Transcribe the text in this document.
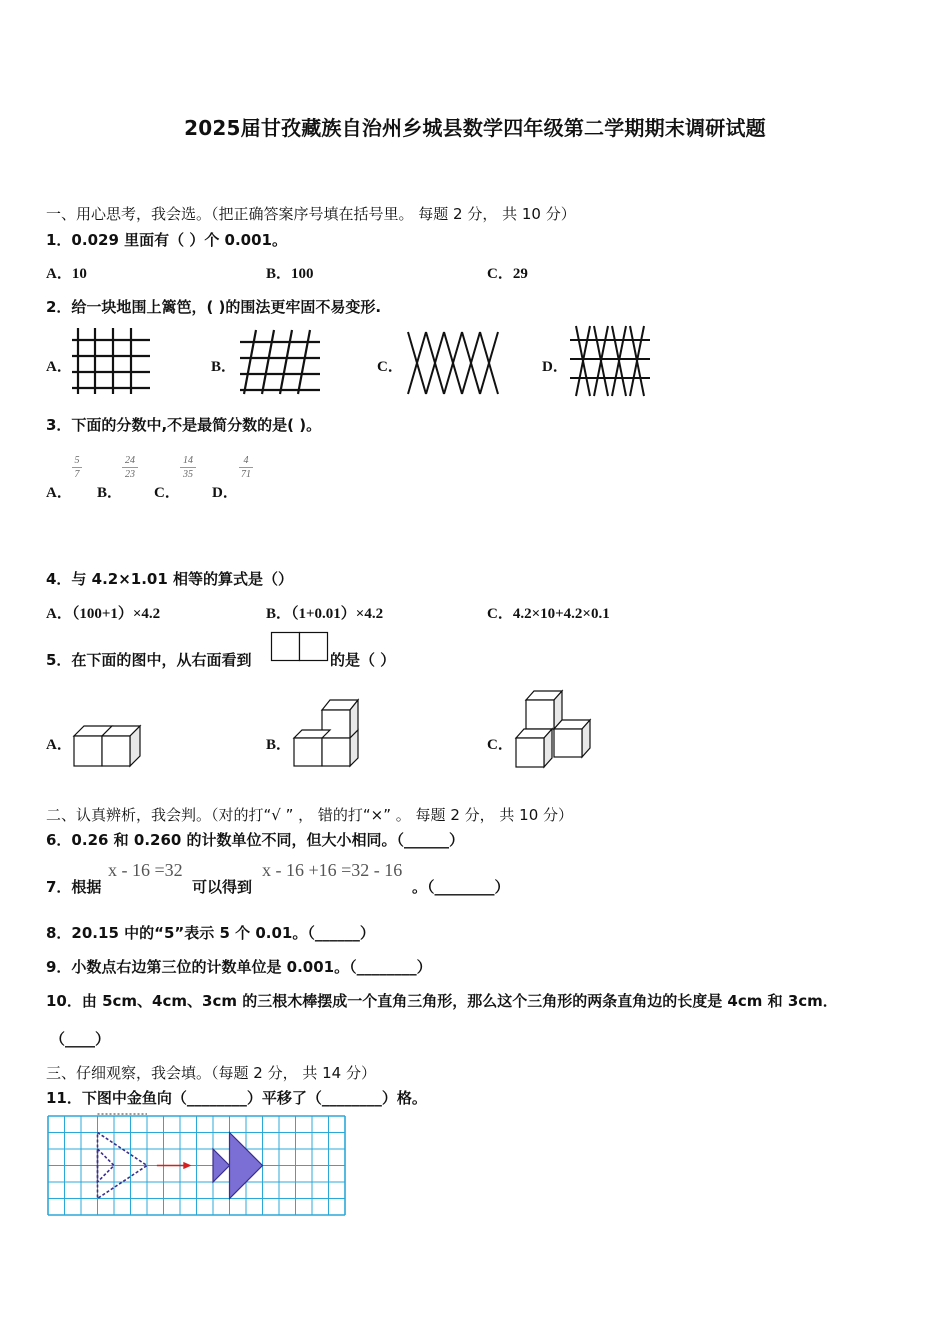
2025届甘孜藏族自治州乡城县数学四年级第二学期期末调研试题
一、用心思考，我会选。（把正确答案序号填在括号里。 每题 2 分， 共 10 分）
1．0.029 里面有（ ）个 0.001。
A．10	B．100	C．29
2．给一块地围上篱笆，( )的围法更牢固不易变形.
A．	B．	C．	D．
3．下面的分数中,不是最简分数的是( )。
A． B． C． D．
5
7
24
23
14
35
4
71
4．与 4.2×1.01 相等的算式是（）
A．（100+1）×4.2	B．（1+0.01）×4.2	C．4.2×10+4.2×0.1
5．在下面的图中，从右面看到	的是（ ）
A．	B．	C．
二、认真辨析，我会判。（对的打“√ ” ， 错的打“×” 。 每题 2 分， 共 10 分）
6．0.26 和 0.260 的计数单位不同，但大小相同。（______）
7．根据
x - 16 =32
可以得到
x - 16 +16 =32 - 16
。（________）
8．20.15 中的“5”表示 5 个 0.01。（______）
9．小数点右边第三位的计数单位是 0.001。（________）
10．由 5cm、4cm、3cm 的三根木棒摆成一个直角三角形，那么这个三角形的两条直角边的长度是 4cm 和 3cm．
（____）
三、仔细观察，我会填。（每题 2 分， 共 14 分）
11．下图中金鱼向（________）平移了（________）格。
